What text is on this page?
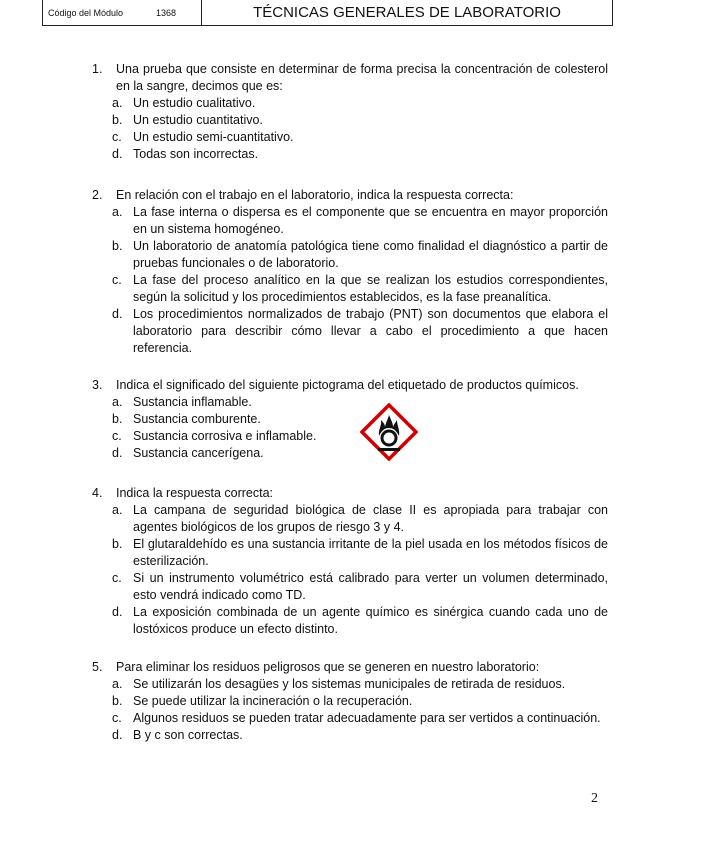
Código del Módulo	1368	TÉCNICAS GENERALES DE LABORATORIO
1.	Una prueba que consiste en determinar de forma precisa la concentración de colesterol en la sangre, decimos que es:
a. Un estudio cualitativo.
b. Un estudio cuantitativo.
c. Un estudio semi-cuantitativo.
d. Todas son incorrectas.
2.	En relación con el trabajo en el laboratorio, indica la respuesta correcta:
a. La fase interna o dispersa es el componente que se encuentra en mayor proporción en un sistema homogéneo.
b. Un laboratorio de anatomía patológica tiene como finalidad el diagnóstico a partir de pruebas funcionales o de laboratorio.
c. La fase del proceso analítico en la que se realizan los estudios correspondientes, según la solicitud y los procedimientos establecidos, es la fase preanalítica.
d. Los procedimientos normalizados de trabajo (PNT) son documentos que elabora el laboratorio para describir cómo llevar a cabo el procedimiento a que hacen referencia.
3.	Indica el significado del siguiente pictograma del etiquetado de productos químicos.
a. Sustancia inflamable.
b. Sustancia comburente.
c. Sustancia corrosiva e inflamable.
d. Sustancia cancerígena.
4.	Indica la respuesta correcta:
a. La campana de seguridad biológica de clase II es apropiada para trabajar con agentes biológicos de los grupos de riesgo 3 y 4.
b. El glutaraldehído es una sustancia irritante de la piel usada en los métodos físicos de esterilización.
c. Si un instrumento volumétrico está calibrado para verter un volumen determinado, esto vendrá indicado como TD.
d. La exposición combinada de un agente químico es sinérgica cuando cada uno de lostóxicos produce un efecto distinto.
5.	Para eliminar los residuos peligrosos que se generen en nuestro laboratorio:
a. Se utilizarán los desagües y los sistemas municipales de retirada de residuos.
b. Se puede utilizar la incineración o la recuperación.
c. Algunos residuos se pueden tratar adecuadamente para ser vertidos a continuación.
d. B y c son correctas.
2
